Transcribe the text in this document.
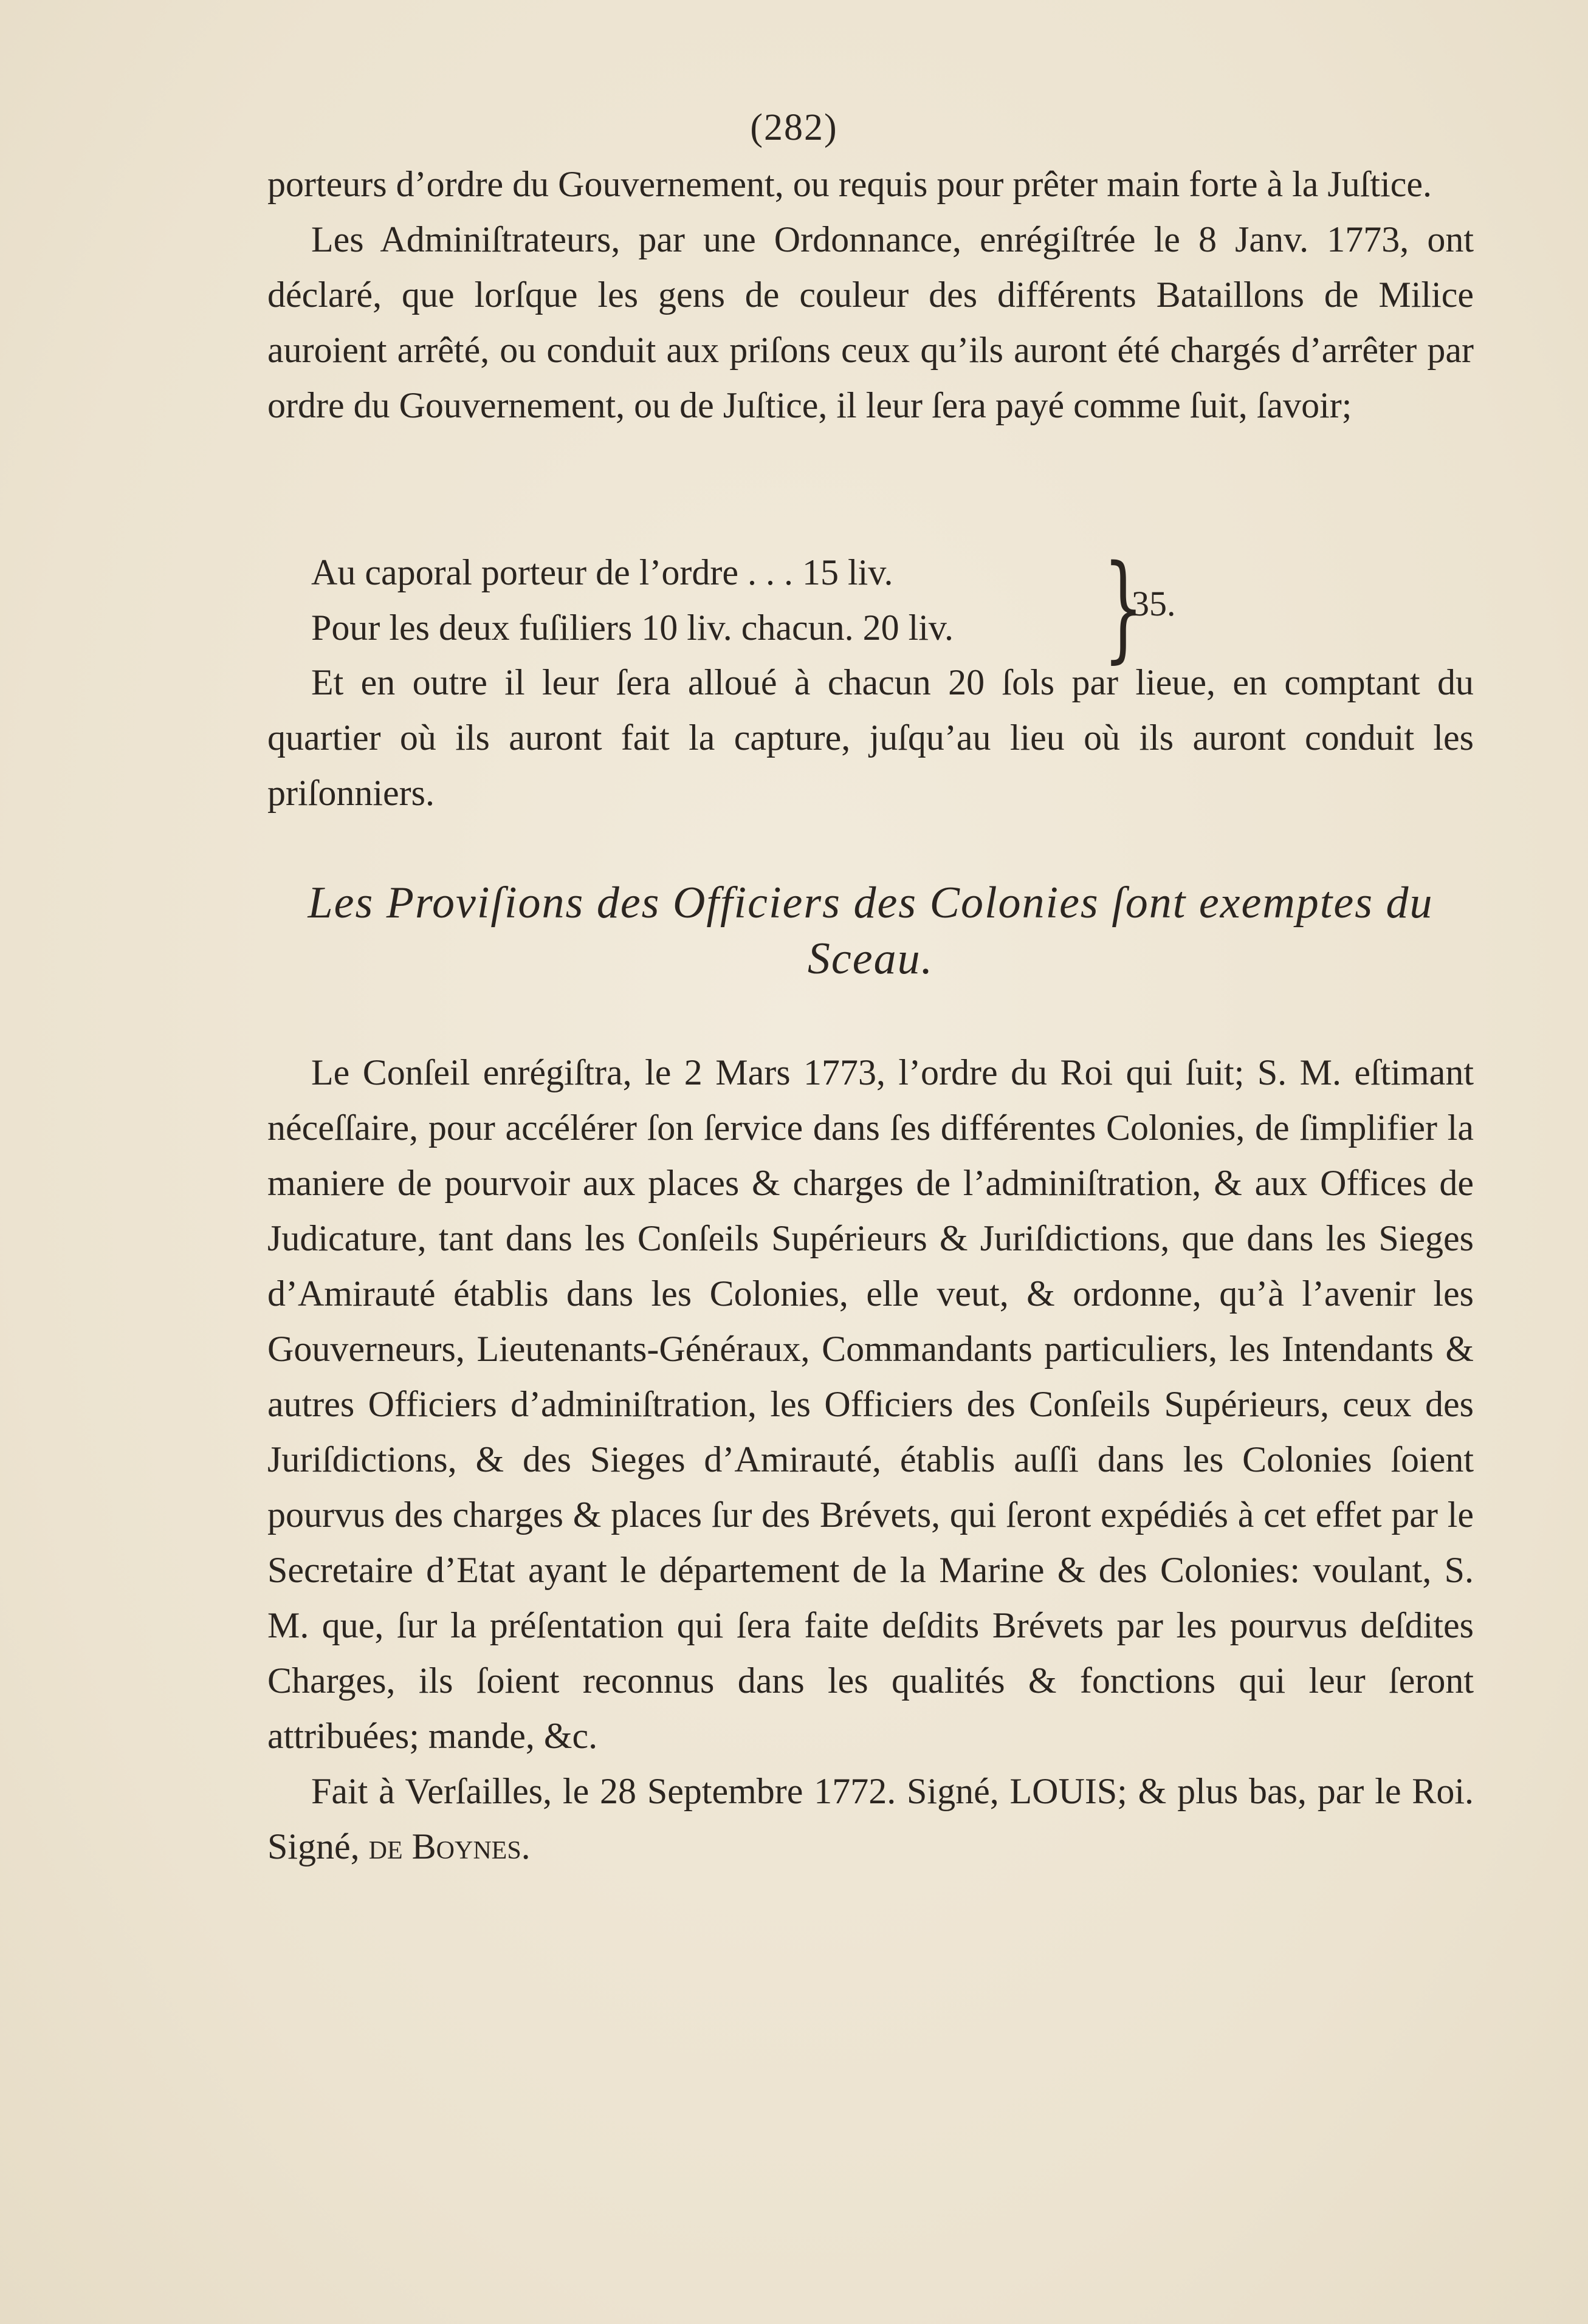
(282)

porteurs d’ordre du Gouvernement, ou requis pour prêter main forte à la Juſtice.

Les Adminiſtrateurs, par une Ordonnance, enrégiſtrée le 8 Janv. 1773, ont déclaré, que lorſque les gens de couleur des différents Bataillons de Milice auroient arrêté, ou conduit aux priſons ceux qu’ils auront été chargés d’arrêter par ordre du Gouvernement, ou de Juſtice, il leur ſera payé comme ſuit, ſavoir;

Au caporal porteur de l’ordre . . . 15 liv.
Pour les deux fuſiliers 10 liv. chacun. 20 liv.	}
35.

Et en outre il leur ſera alloué à chacun 20 ſols par lieue, en comptant du quartier où ils auront fait la capture, juſqu’au lieu où ils auront conduit les priſonniers.

Les Proviſions des Officiers des Colonies ſont exemptes du Sceau.

Le Conſeil enrégiſtra, le 2 Mars 1773, l’ordre du Roi qui ſuit; S. M. eſtimant néceſſaire, pour accélérer ſon ſervice dans ſes différentes Colonies, de ſimplifier la maniere de pourvoir aux places & charges de l’adminiſtration, & aux Offices de Judicature, tant dans les Conſeils Supérieurs & Juriſdictions, que dans les Sieges d’Amirauté établis dans les Colonies, elle veut, & ordonne, qu’à l’avenir les Gouverneurs, Lieutenants-Généraux, Commandants particuliers, les Intendants & autres Officiers d’adminiſtration, les Officiers des Conſeils Supérieurs, ceux des Juriſdictions, & des Sieges d’Amirauté, établis auſſi dans les Colonies ſoient pourvus des charges & places ſur des Brévets, qui ſeront expédiés à cet effet par le Secretaire d’Etat ayant le département de la Marine & des Colonies: voulant, S. M. que, ſur la préſentation qui ſera faite deſdits Brévets par les pourvus deſdites Charges, ils ſoient reconnus dans les qualités & fonctions qui leur ſeront attribuées; mande, &c.

Fait à Verſailles, le 28 Septembre 1772. Signé, LOUIS; & plus bas, par le Roi. Signé, de Boynes.
